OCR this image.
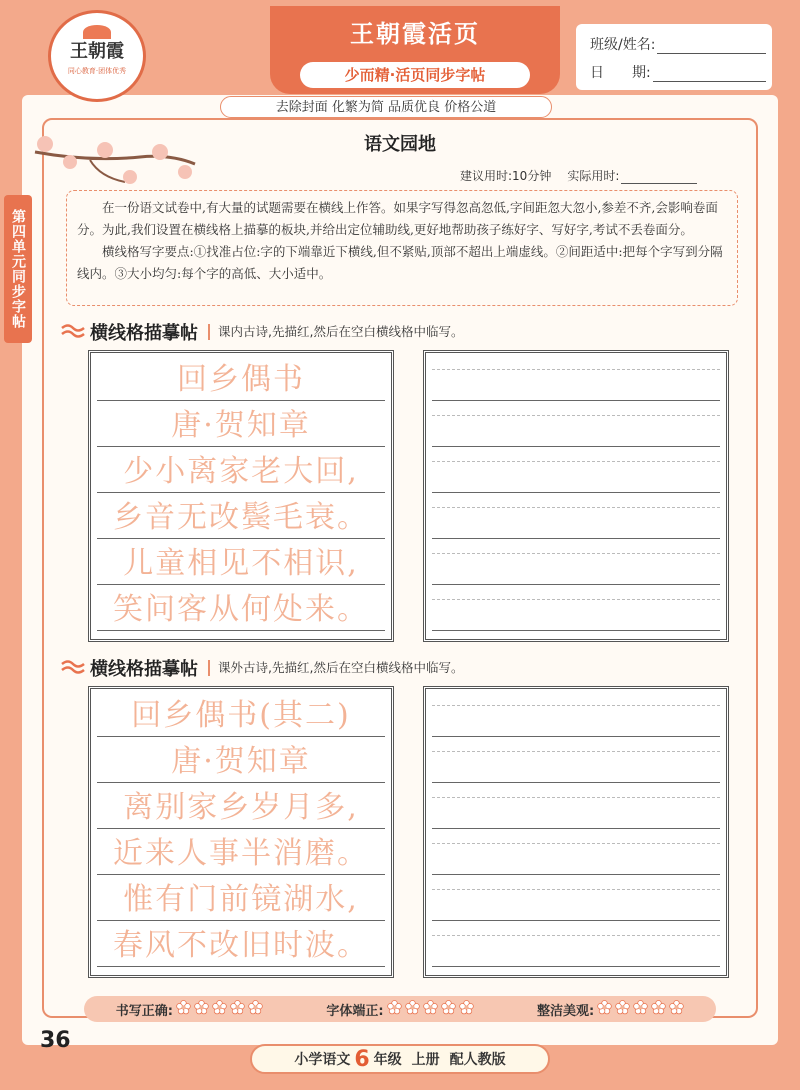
王朝霞
同心教育·团体优秀
王朝霞活页
少而精·活页同步字帖
班级/姓名:
日　　期:
去除封面 化繁为简 品质优良 价格公道
第四单元同步字帖
语文园地
建议用时:10分钟 实际用时:

在一份语文试卷中,有大量的试题需要在横线上作答。如果字写得忽高忽低,字间距忽大忽小,参差不齐,会影响卷面分。为此,我们设置在横线格上描摹的板块,并给出定位辅助线,更好地帮助孩子练好字、写好字,考试不丢卷面分。

横线格写字要点:①找准占位:字的下端靠近下横线,但不紧贴,顶部不超出上端虚线。②间距适中:把每个字写到分隔线内。③大小均匀:每个字的高低、大小适中。

横线格描摹帖	课内古诗,先描红,然后在空白横线格中临写。
回乡偶书
唐·贺知章
少小离家老大回,
乡音无改鬓毛衰。
儿童相见不相识,
笑问客从何处来。
横线格描摹帖	课外古诗,先描红,然后在空白横线格中临写。
回乡偶书(其二)
唐·贺知章
离别家乡岁月多,
近来人事半消磨。
惟有门前镜湖水,
春风不改旧时波。
书写正确:	字体端正:	整洁美观:
36
小学语文 6 年级 上册 配人教版
